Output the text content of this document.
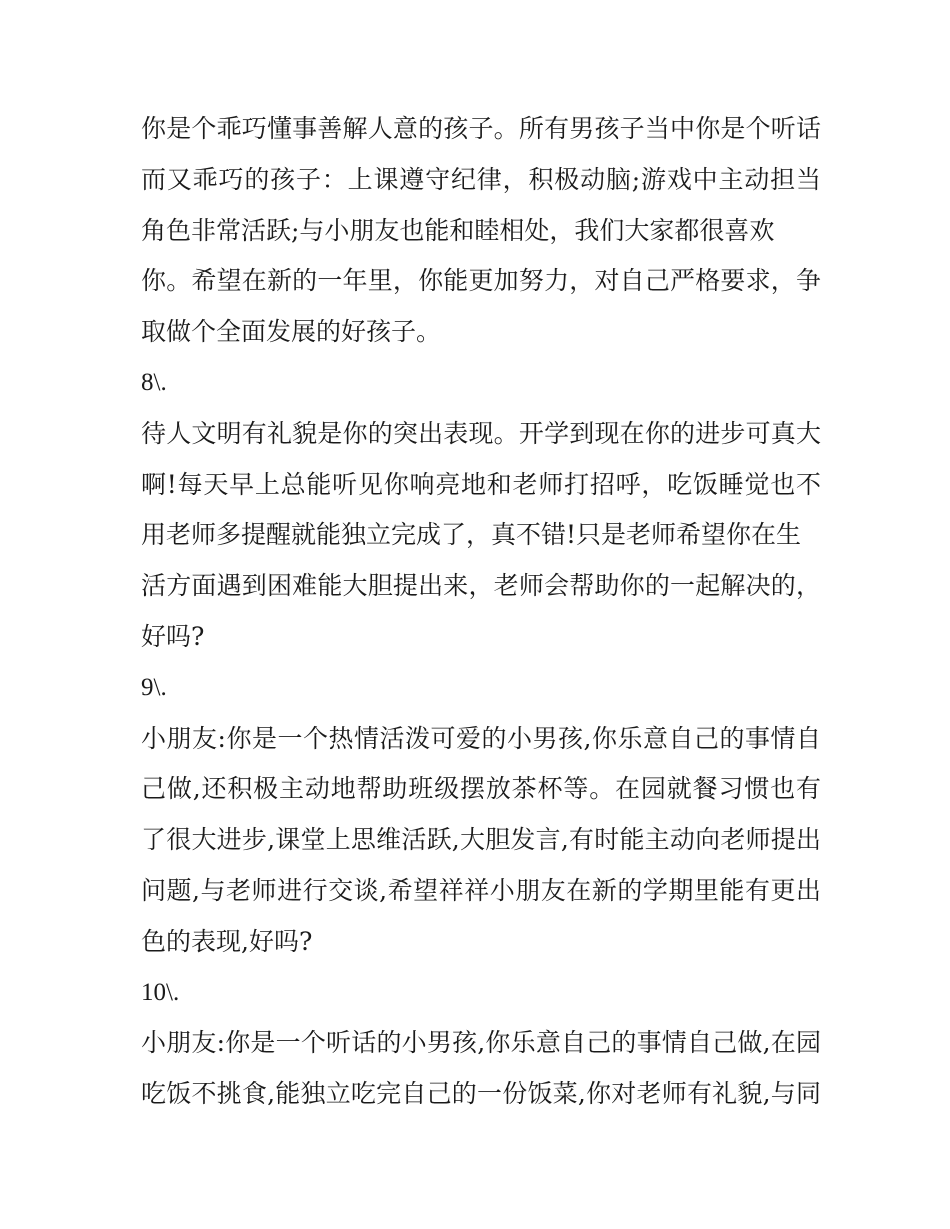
你是个乖巧懂事善解人意的孩子。所有男孩子当中你是个听话
而又乖巧的孩子：上课遵守纪律，积极动脑;游戏中主动担当
角色非常活跃;与小朋友也能和睦相处，我们大家都很喜欢
你。希望在新的一年里，你能更加努力，对自己严格要求，争
取做个全面发展的好孩子。
8\.
待人文明有礼貌是你的突出表现。开学到现在你的进步可真大
啊!每天早上总能听见你响亮地和老师打招呼，吃饭睡觉也不
用老师多提醒就能独立完成了，真不错!只是老师希望你在生
活方面遇到困难能大胆提出来，老师会帮助你的一起解决的，
好吗?
9\.
小朋友:你是一个热情活泼可爱的小男孩,你乐意自己的事情自
己做,还积极主动地帮助班级摆放茶杯等。在园就餐习惯也有
了很大进步,课堂上思维活跃,大胆发言,有时能主动向老师提出
问题,与老师进行交谈,希望祥祥小朋友在新的学期里能有更出
色的表现,好吗?
10\.
小朋友:你是一个听话的小男孩,你乐意自己的事情自己做,在园
吃饭不挑食,能独立吃完自己的一份饭菜,你对老师有礼貌,与同
